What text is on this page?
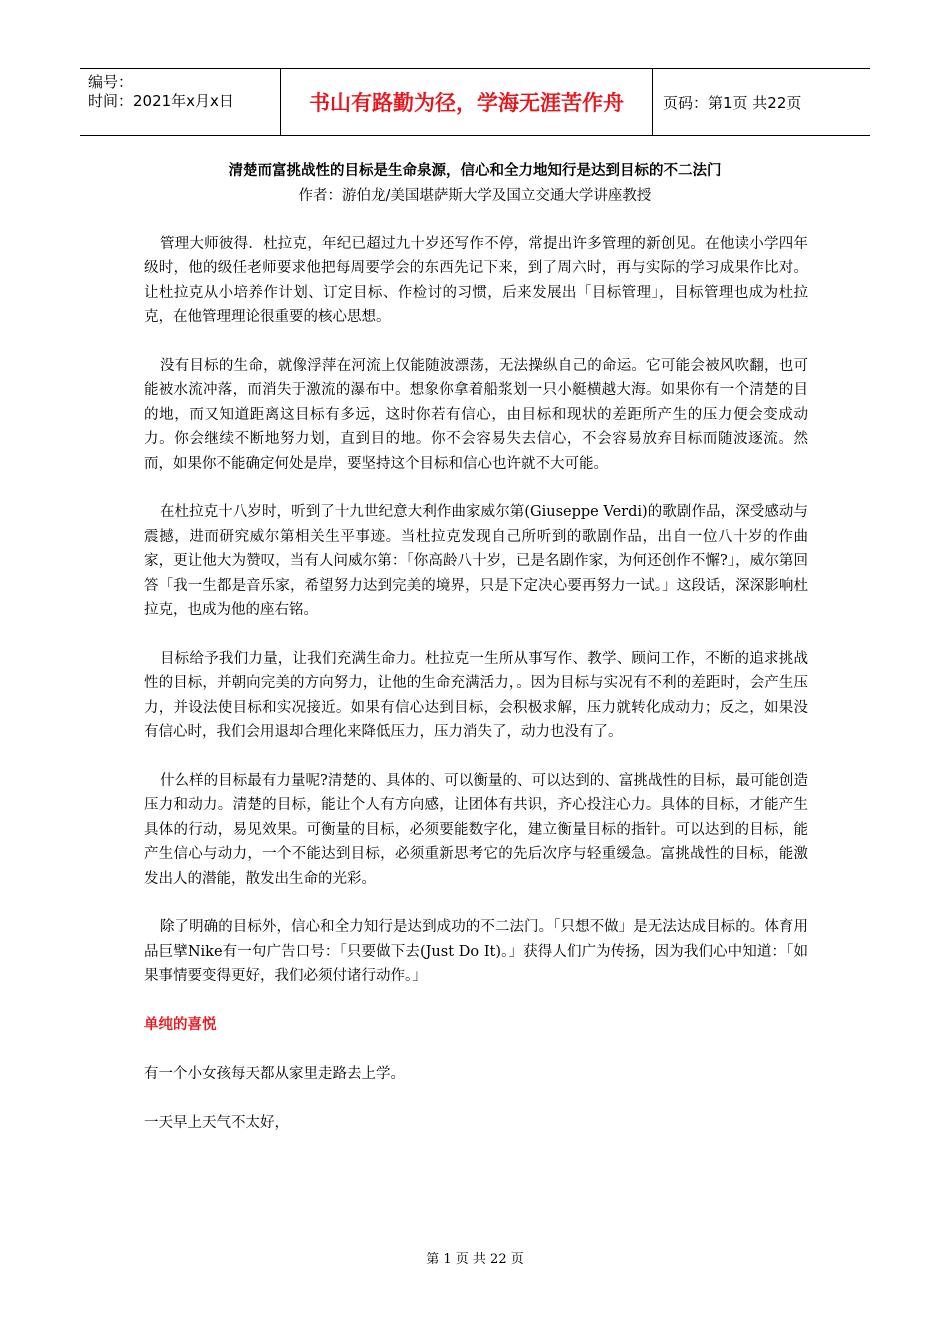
编号：
时间：2021年x月x日	书山有路勤为径，学海无涯苦作舟	页码：第1页 共22页
清楚而富挑战性的目标是生命泉源，信心和全力地知行是达到目标的不二法门
作者：游伯龙/美国堪萨斯大学及国立交通大学讲座教授

管理大师彼得．杜拉克，年纪已超过九十岁还写作不停，常提出许多管理的新创见。在他读小学四年级时，他的级任老师要求他把每周要学会的东西先记下来，到了周六时，再与实际的学习成果作比对。让杜拉克从小培养作计划、订定目标、作检讨的习惯，后来发展出「目标管理」，目标管理也成为杜拉克，在他管理理论很重要的核心思想。

没有目标的生命，就像浮萍在河流上仅能随波漂荡，无法操纵自己的命运。它可能会被风吹翻，也可能被水流冲落，而消失于激流的瀑布中。想象你拿着船浆划一只小艇横越大海。如果你有一个清楚的目的地，而又知道距离这目标有多远，这时你若有信心，由目标和现状的差距所产生的压力便会变成动力。你会继续不断地努力划，直到目的地。你不会容易失去信心，不会容易放弃目标而随波逐流。然而，如果你不能确定何处是岸，要坚持这个目标和信心也许就不大可能。

在杜拉克十八岁时，听到了十九世纪意大利作曲家威尔第(Giuseppe Verdi)的歌剧作品，深受感动与震撼，进而研究威尔第相关生平事迹。当杜拉克发现自己所听到的歌剧作品，出自一位八十岁的作曲家，更让他大为赞叹，当有人问威尔第：「你高龄八十岁，已是名剧作家，为何还创作不懈?」，威尔第回答「我一生都是音乐家，希望努力达到完美的境界，只是下定决心要再努力一试。」这段话，深深影响杜拉克，也成为他的座右铭。

目标给予我们力量，让我们充满生命力。杜拉克一生所从事写作、教学、顾问工作，不断的追求挑战性的目标，并朝向完美的方向努力，让他的生命充满活力，。因为目标与实况有不利的差距时，会产生压力，并设法使目标和实况接近。如果有信心达到目标，会积极求解，压力就转化成动力；反之，如果没有信心时，我们会用退却合理化来降低压力，压力消失了，动力也没有了。

什么样的目标最有力量呢?清楚的、具体的、可以衡量的、可以达到的、富挑战性的目标，最可能创造压力和动力。清楚的目标，能让个人有方向感，让团体有共识，齐心投注心力。具体的目标，才能产生具体的行动，易见效果。可衡量的目标，必须要能数字化，建立衡量目标的指针。可以达到的目标，能产生信心与动力，一个不能达到目标，必须重新思考它的先后次序与轻重缓急。富挑战性的目标，能激发出人的潜能，散发出生命的光彩。

除了明确的目标外，信心和全力知行是达到成功的不二法门。「只想不做」是无法达成目标的。体育用品巨擘Nike有一句广告口号：「只要做下去(Just Do It)。」获得人们广为传扬，因为我们心中知道：「如果事情要变得更好，我们必须付诸行动作。」

单纯的喜悦

有一个小女孩每天都从家里走路去上学。

一天早上天气不太好，

第 1 页 共 22 页
